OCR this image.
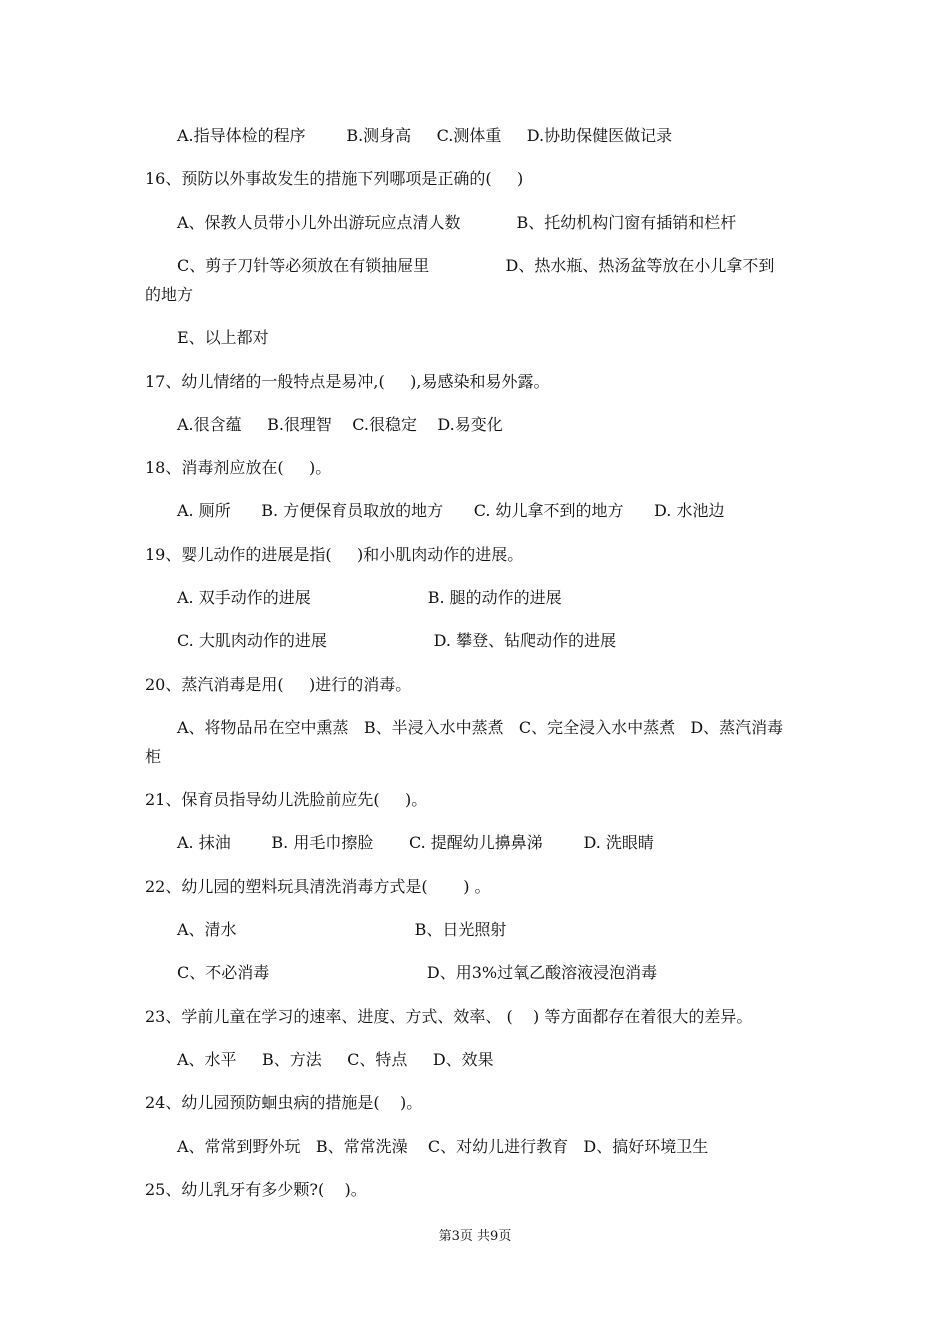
A.指导体检的程序        B.测身高     C.测体重     D.协助保健医做记录
16、预防以外事故发生的措施下列哪项是正确的(     )
A、保教人员带小儿外出游玩应点清人数           B、托幼机构门窗有插销和栏杆
C、剪子刀针等必须放在有锁抽屉里               D、热水瓶、热汤盆等放在小儿拿不到
的地方
E、以上都对
17、幼儿情绪的一般特点是易冲,(     ),易感染和易外露。
A.很含蕴     B.很理智    C.很稳定    D.易变化
18、消毒剂应放在(     )。
A. 厕所      B. 方便保育员取放的地方      C. 幼儿拿不到的地方      D. 水池边
19、婴儿动作的进展是指(     )和小肌肉动作的进展。
A. 双手动作的进展                       B. 腿的动作的进展
C. 大肌肉动作的进展                     D. 攀登、钻爬动作的进展
20、蒸汽消毒是用(     )进行的消毒。
A、将物品吊在空中熏蒸   B、半浸入水中蒸煮   C、完全浸入水中蒸煮   D、蒸汽消毒
柜
21、保育员指导幼儿洗脸前应先(     )。
A. 抹油        B. 用毛巾擦脸       C. 提醒幼儿擤鼻涕        D. 洗眼睛
22、幼儿园的塑料玩具清洗消毒方式是(       ) 。
A、清水                                   B、日光照射
C、不必消毒                               D、用3%过氧乙酸溶液浸泡消毒
23、学前儿童在学习的速率、进度、方式、效率、 (    ) 等方面都存在着很大的差异。
A、水平     B、方法     C、特点     D、效果
24、幼儿园预防蛔虫病的措施是(    )。
A、常常到野外玩   B、常常洗澡    C、对幼儿进行教育   D、搞好环境卫生
25、幼儿乳牙有多少颗?(    )。
第3页 共9页
